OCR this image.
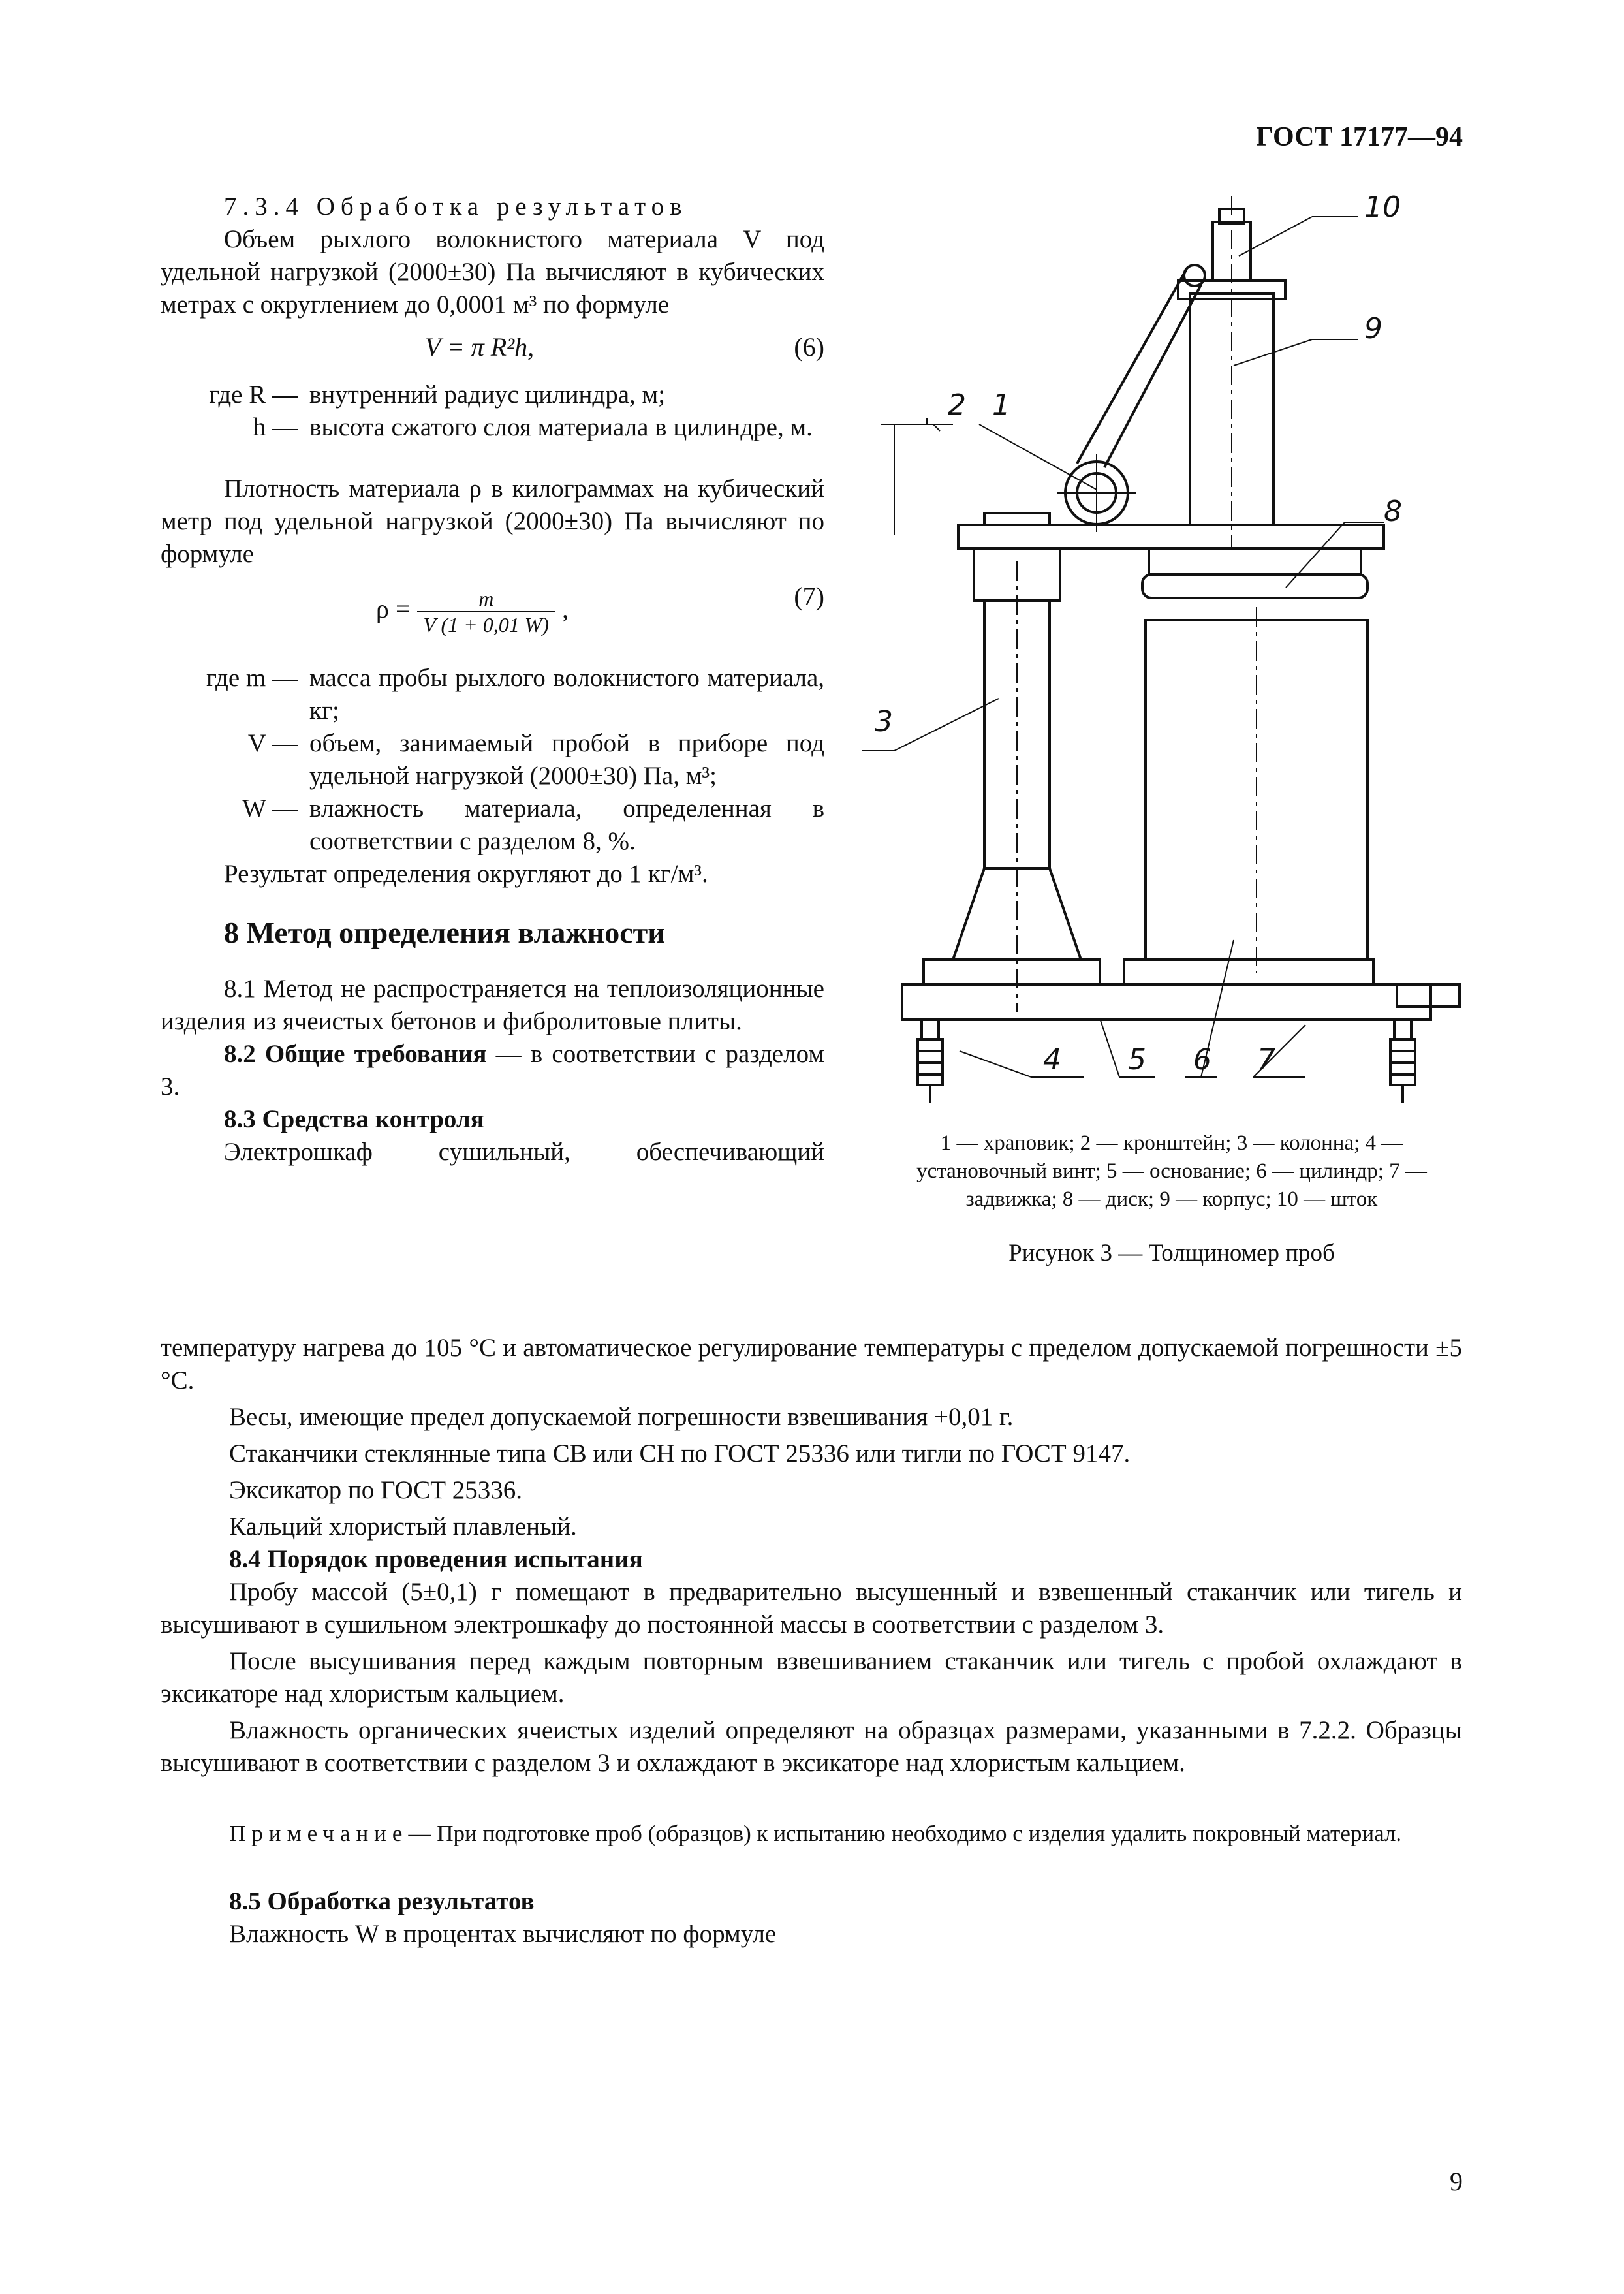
ГОСТ 17177—94

7.3.4 Обработка результатов

Объем рыхлого волокнистого материала V под удельной нагрузкой (2000±30) Па вычисляют в кубических метрах с округлением до 0,0001 м³ по формуле

V = π R²h,	(6)
где R —	внутренний радиус цилиндра, м;
h —	высота сжатого слоя материала в цилиндре, м.

Плотность материала ρ в килограммах на кубический метр под удельной нагрузкой (2000±30) Па вычисляют по формуле

$\rho = \frac{m}{V (1 + 0,01 W)}$ ,	(7)
где m —	масса пробы рыхлого волокнистого материала, кг;
V —	объем, занимаемый пробой в приборе под удельной нагрузкой (2000±30) Па, м³;
W —	влажность материала, определенная в соответствии с разделом 8, %.

Результат определения округляют до 1 кг/м³.

8 Метод определения влажности

8.1 Метод не распространяется на теплоизоляционные изделия из ячеистых бетонов и фибролитовые плиты.

8.2 Общие требования — в соответствии с разделом 3.

8.3 Средства контроля

Электрошкаф сушильный, обеспечивающий

температуру нагрева до 105 °С и автоматическое регулирование температуры с пределом допускаемой погрешности ±5 °С.

Весы, имеющие предел допускаемой погрешности взвешивания +0,01 г.

Стаканчики стеклянные типа СВ или СН по ГОСТ 25336 или тигли по ГОСТ 9147.

Эксикатор по ГОСТ 25336.

Кальций хлористый плавленый.

8.4 Порядок проведения испытания

Пробу массой (5±0,1) г помещают в предварительно высушенный и взвешенный стаканчик или тигель и высушивают в сушильном электрошкафу до постоянной массы в соответствии с разделом 3.

После высушивания перед каждым повторным взвешиванием стаканчик или тигель с пробой охлаждают в эксикаторе над хлористым кальцием.

Влажность органических ячеистых изделий определяют на образцах размерами, указанными в 7.2.2. Образцы высушивают в соответствии с разделом 3 и охлаждают в эксикаторе над хлористым кальцием.

Примечание— При подготовке проб (образцов) к испытанию необходимо с изделия удалить покровный материал.

8.5 Обработка результатов

Влажность W в процентах вычисляют по формуле

10
9
8
2 1
3
4 5 6 7
1 — храповик; 2 — кронштейн; 3 — колонна; 4 — установочный винт; 5 — основание; 6 — цилиндр; 7 — задвижка; 8 — диск; 9 — корпус; 10 — шток
Рисунок 3 — Толщиномер проб
9
